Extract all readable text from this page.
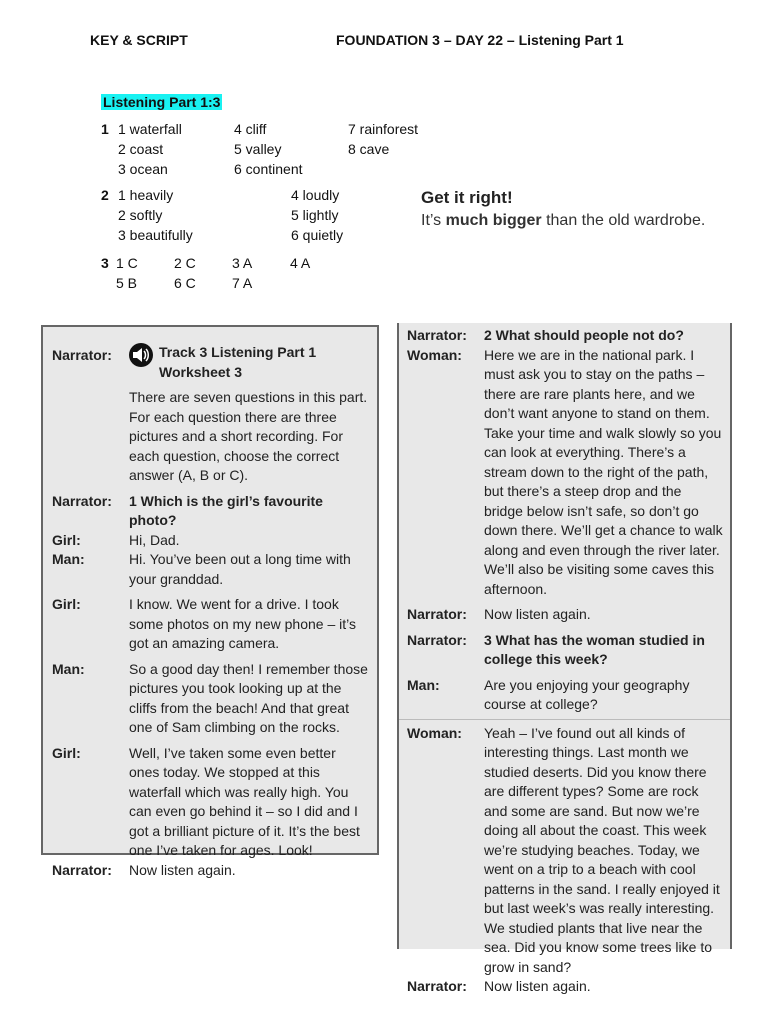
KEY & SCRIPT	FOUNDATION 3 – DAY 22 – Listening Part 1
Listening Part 1:3
1 1 waterfall
2 coast
3 ocean
4 cliff
5 valley
6 continent
7 rainforest
8 cave
2 1 heavily
2 softly
3 beautifully
4 loudly
5 lightly
6 quietly
3 1 C	2 C	3 A	4 A
5 B	6 C	7 A
Get it right!
It’s much bigger than the old wardrobe.
Narrator:	Track 3 Listening Part 1
Worksheet 3
There are seven questions in this part. For each question there are three pictures and a short recording. For each question, choose the correct answer (A, B or C).
Narrator:	1 Which is the girl’s favourite photo?
Girl:	Hi, Dad.
Man:	Hi. You’ve been out a long time with your granddad.
Girl:	I know. We went for a drive. I took some photos on my new phone – it’s got an amazing camera.
Man:	So a good day then! I remember those pictures you took looking up at the cliffs from the beach! And that great one of Sam climbing on the rocks.
Girl:	Well, I’ve taken some even better ones today. We stopped at this waterfall which was really high. You can even go behind it – so I did and I got a brilliant picture of it. It’s the best one I’ve taken for ages. Look!
Narrator:	Now listen again.
Narrator:	2 What should people not do?
Woman:	Here we are in the national park. I must ask you to stay on the paths – there are rare plants here, and we don’t want anyone to stand on them. Take your time and walk slowly so you can look at everything. There’s a stream down to the right of the path, but there’s a steep drop and the bridge below isn’t safe, so don’t go down there. We’ll get a chance to walk along and even through the river later. We’ll also be visiting some caves this afternoon.
Narrator:	Now listen again.
Narrator:	3 What has the woman studied in college this week?
Man:	Are you enjoying your geography course at college?
Woman:	Yeah – I’ve found out all kinds of interesting things. Last month we studied deserts. Did you know there are different types? Some are rock and some are sand. But now we’re doing all about the coast. This week we’re studying beaches. Today, we went on a trip to a beach with cool patterns in the sand. I really enjoyed it but last week’s was really interesting. We studied plants that live near the sea. Did you know some trees like to grow in sand?
Narrator:	Now listen again.
